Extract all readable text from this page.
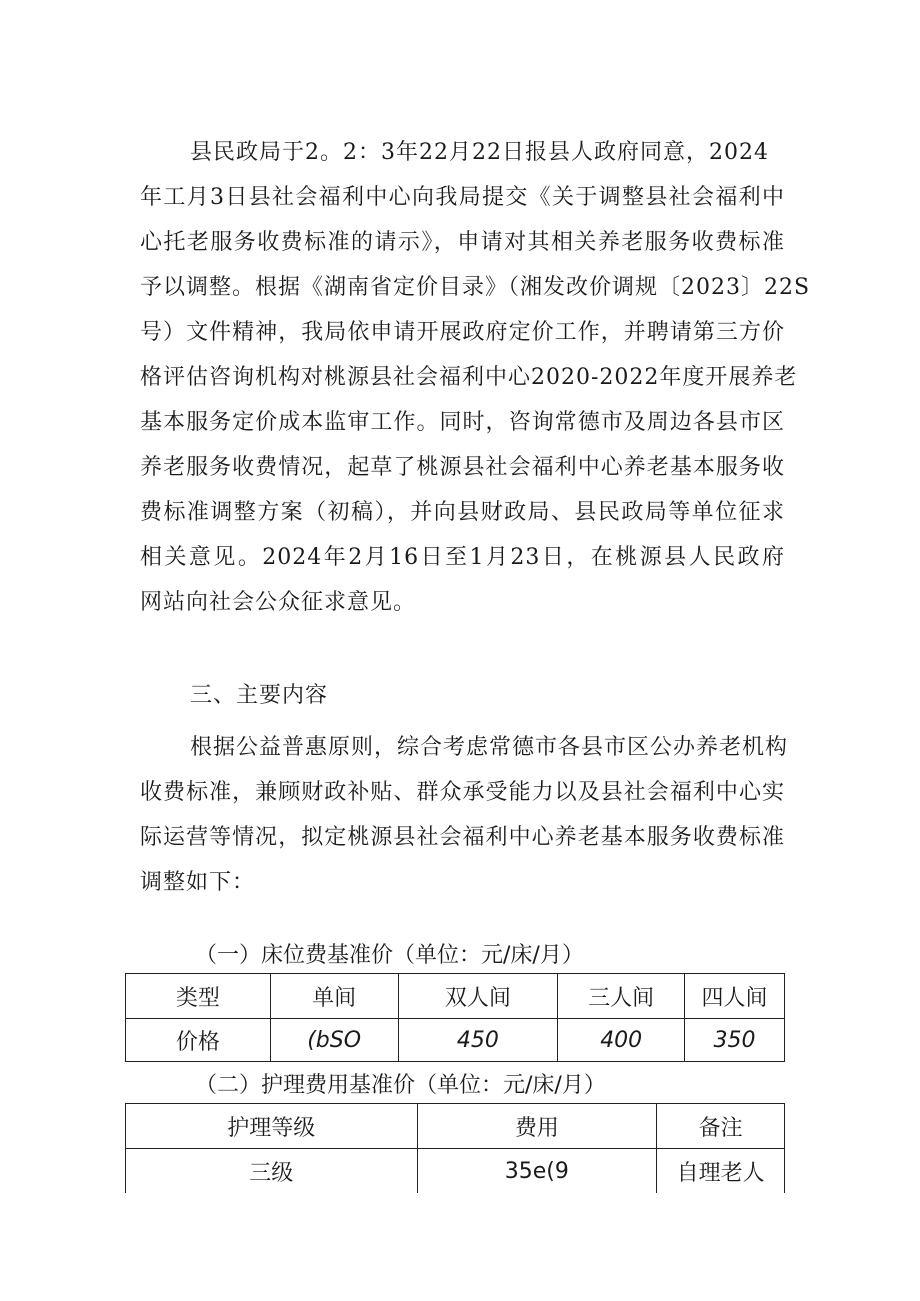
县民政局于2。2：3年22月22日报县人政府同意，2024
年工月3日县社会福利中心向我局提交《关于调整县社会福利中
心托老服务收费标准的请示》，申请对其相关养老服务收费标准
予以调整。根据《湖南省定价目录》（湘发改价调规〔2023〕22S
号）文件精神，我局依申请开展政府定价工作，并聘请第三方价
格评估咨询机构对桃源县社会福利中心2020-2022年度开展养老
基本服务定价成本监审工作。同时，咨询常德市及周边各县市区
养老服务收费情况，起草了桃源县社会福利中心养老基本服务收
费标准调整方案（初稿），并向县财政局、县民政局等单位征求
相关意见。2024年2月16日至1月23日，在桃源县人民政府
网站向社会公众征求意见。
三、主要内容
根据公益普惠原则，综合考虑常德市各县市区公办养老机构
收费标准，兼顾财政补贴、群众承受能力以及县社会福利中心实
际运营等情况，拟定桃源县社会福利中心养老基本服务收费标准
调整如下：
（一）床位费基准价（单位：元/床/月）
类型	单间	双人间	三人间	四人间
价格	(bSO	450	400	350
（二）护理费用基准价（单位：元/床/月）
护理等级	费用	备注
三级	35e(9	自理老人
